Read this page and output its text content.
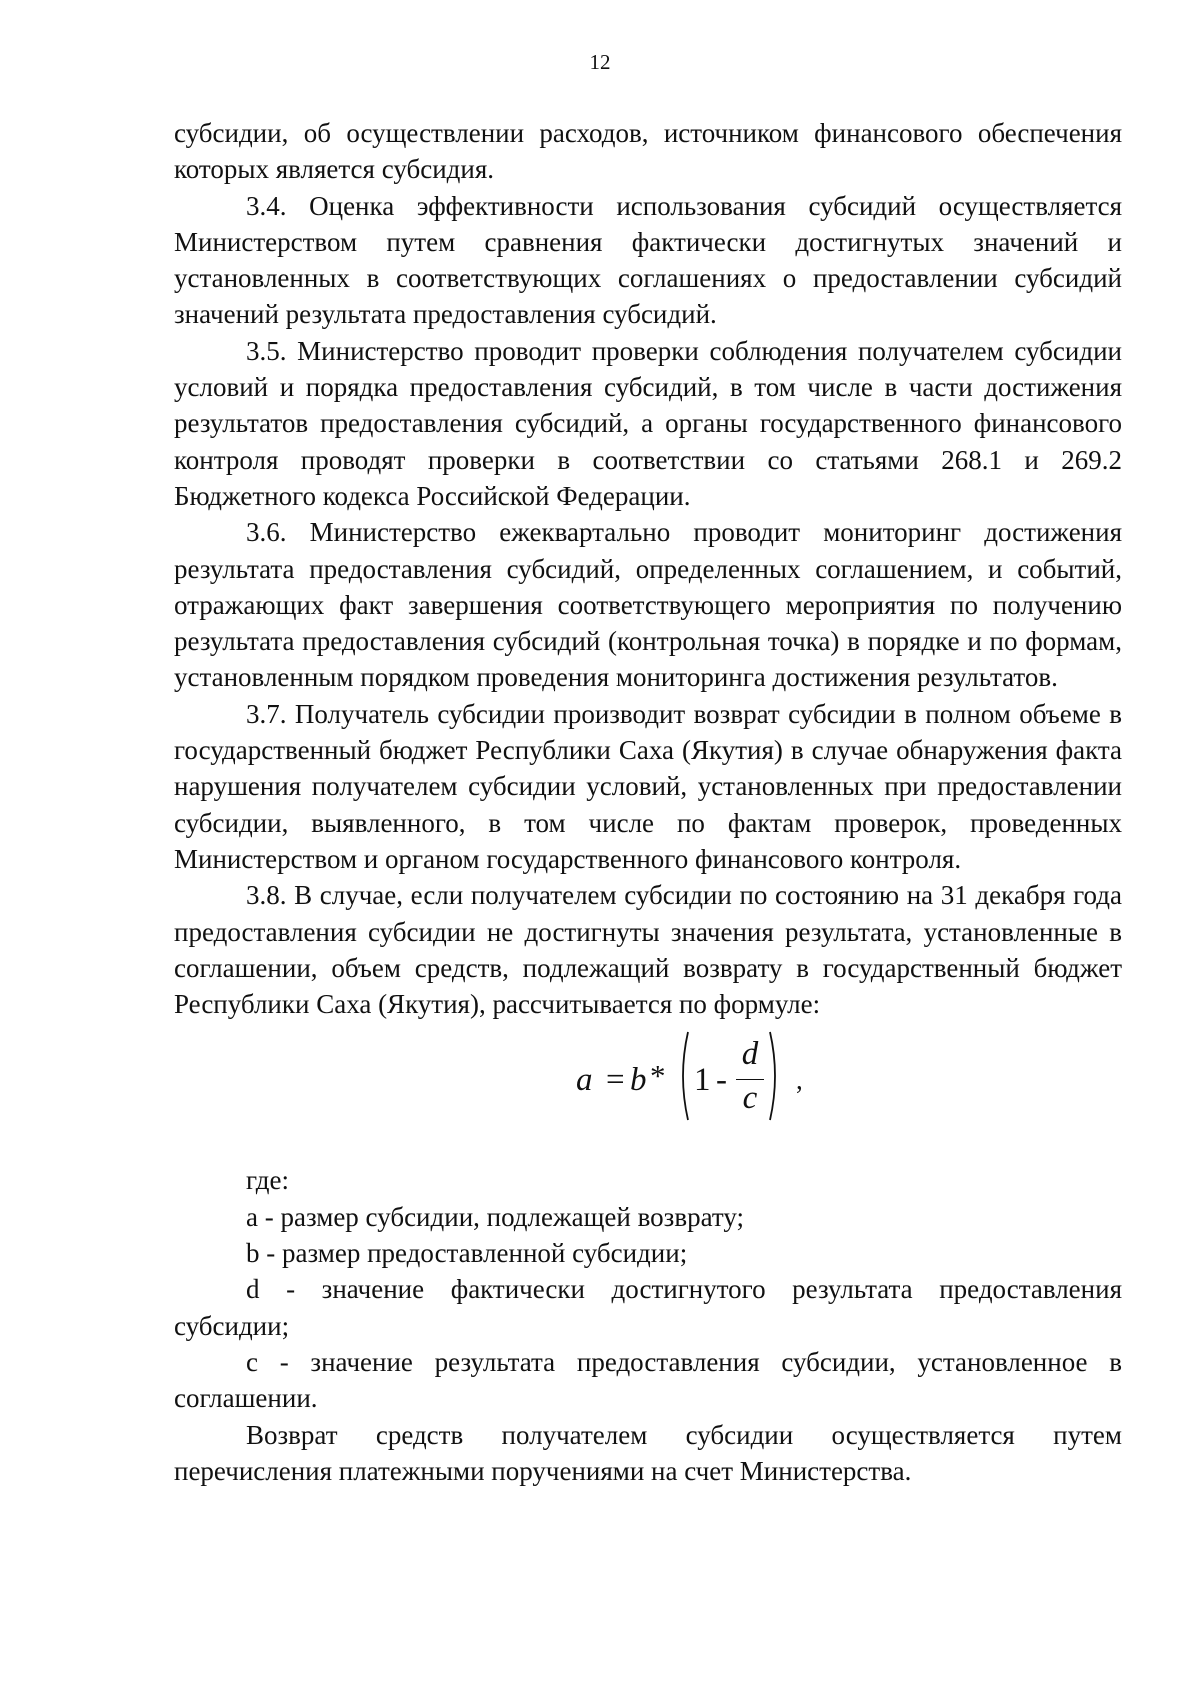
12

субсидии, об осуществлении расходов, источником финансового обеспечения которых является субсидия.

3.4. Оценка эффективности использования субсидий осуществляется Министерством путем сравнения фактически достигнутых значений и установленных в соответствующих соглашениях о предоставлении субсидий значений результата предоставления субсидий.

3.5. Министерство проводит проверки соблюдения получателем субсидии условий и порядка предоставления субсидий, в том числе в части достижения результатов предоставления субсидий, а органы государственного финансового контроля проводят проверки в соответствии со статьями 268.1 и 269.2 Бюджетного кодекса Российской Федерации.

3.6. Министерство ежеквартально проводит мониторинг достижения результата предоставления субсидий, определенных соглашением, и событий, отражающих факт завершения соответствующего мероприятия по получению результата предоставления субсидий (контрольная точка) в порядке и по формам, установленным порядком проведения мониторинга достижения результатов.

3.7. Получатель субсидии производит возврат субсидии в полном объеме в государственный бюджет Республики Саха (Якутия) в случае обнаружения факта нарушения получателем субсидии условий, установленных при предоставлении субсидии, выявленного, в том числе по фактам проверок, проведенных Министерством и органом государственного финансового контроля.

3.8. В случае, если получателем субсидии по состоянию на 31 декабря года предоставления субсидии не достигнуты значения результата, установленные в соглашении, объем средств, подлежащий возврату в государственный бюджет Республики Саха (Якутия), рассчитывается по формуле:

a = b * 1 -
d
c ,

где:

a - размер субсидии, подлежащей возврату;

b - размер предоставленной субсидии;

d - значение фактически достигнутого результата предоставления субсидии;

c - значение результата предоставления субсидии, установленное в соглашении.

Возврат средств получателем субсидии осуществляется путем перечисления платежными поручениями на счет Министерства.
